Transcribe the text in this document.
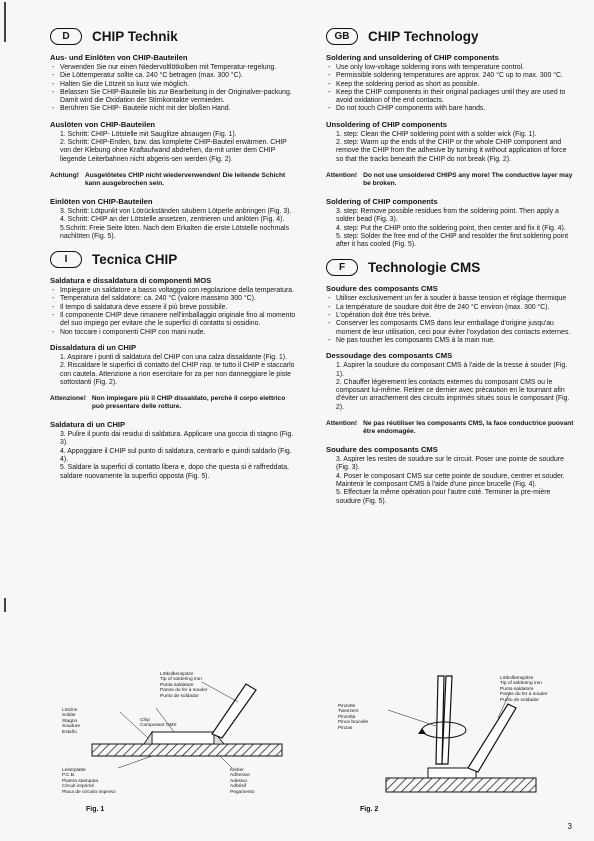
D	CHIP Technik
Aus- und Einlöten von CHIP-Bauteilen
- Verwenden Sie nur einen Niedervoltlötkolben mit Temperatur-regelung.
- Die Löttemperatur sollte ca. 240 °C betragen (max. 300 °C).
- Halten Sie die Lötzeit so kurz wie möglich.
- Belassen Sie CHIP-Bauteile bis zur Bearbeitung in der Originalver-packung. Damit wird die Oxidation der Stirnkontakte vermieden.
- Berühren Sie CHIP- Bauteile nicht mit der bloßen Hand.
Auslöten von CHIP-Bauteilen
1. Schritt: CHIP- Lötstelle mit Sauglitze absaugen (Fig. 1).
2. Schritt: CHIP-Enden, bzw. das komplette CHIP-Bauteil erwärmen. CHIP von der Klebung ohne Kraftaufwand abdrehen, da-mit unter dem CHIP liegende Leiterbahnen nicht abgeris-sen werden (Fig. 2).
Achtung! Ausgelötetes CHIP nicht wiederverwenden! Die leitende Schicht kann ausgebrochen sein.
Einlöten von CHIP-Bauteilen
3. Schritt: Lötpunkt von Lötrückständen säubern Lötperle anbringen (Fig. 3).
4. Schritt: CHIP an der Lötstelle ansetzen, zentrieren und anlöten (Fig. 4).
5.Schritt: Freie Seite löten. Nach dem Erkalten die erste Lötstelle nochmals nachlöten (Fig. 5).
I	Tecnica CHIP
Saldatura e dissaldatura di componenti MOS
- Impiegare un saldatore a basso voltaggio con regolazione della temperatura.
- Temperatura del saldatore: ca. 240 °C (valore massimo 300 °C).
- Il tempo di saldatura deve essere il più breve possibile.
- Il componente CHIP deve rimanere nell'imballaggio originale fino al momento del suo impiego per evitare che le superfici di contatto si ossidino.
- Non toccare i componenti CHIP con mani nude.
Dissaldatura di un CHIP
1. Aspirare i punti di saldatura del CHIP con una calza dissaldante (Fig. 1).
2. Riscaldare le superfici di contatto del CHIP risp. te tutto il CHIP e staccarlo con cautela. Attenzione a non esercitare for za per non danneggiare le piste sottostanti (Fig. 2).
Attenzione! Non impiegare più il CHIP dissaldato, perchè il corpo elettrico può presentare delle rotture.
Saldatura di un CHIP
3. Pulire il punto dai residui di saldatura. Applicare una goccia di stagno (Fig. 3).
4. Appoggiare il CHIP sul punto di saldatura, centrarlo e quindi saldarlo (Fig. 4).
5. Saldare la superfici di contatto libera e, dopo che questa si è raffreddata, saldare nuovamente la superfici opposta (Fig. 5).
GB	CHIP Technology
Soldering and unsoldering of CHIP components
- Use only low-voltage soldering irons with temperature control.
- Permissible soldering temperatures are approx. 240 °C up to max. 300 °C.
- Keep the soldering period as short as possible.
- Keep the CHIP components in their original packages until they are used to avoid oxidation of the end contacts.
- Do not touch CHIP components with bare hands.
Unsoldering of CHIP components
1. step: Clean the CHIP soldering point with a solder wick (Fig. 1).
2. step: Warm up the ends of the CHIP or the whole CHIP component and remove the CHIP from the adhesive by turning it without application of force so that the tracks beneath the CHIP do not break (Fig. 2).
Attention! Do not use unsoldered CHIPS any more! The conductive layer may be broken.
Soldering of CHIP components
3. step: Remove possible residues from the soldering point. Then apply a solder bead (Fig. 3).
4. step: Put the CHIP onto the soldering point, then center and fix it (Fig. 4).
5. step: Solder the free end of the CHIP and resolder the first soldering point after it has cooled (Fig. 5).
F	Technologie CMS
Soudure des composants CMS
- Utiliser exclusivement un fer à souder à basse tension et réglage thermique
- La température de soudure doit être de 240 °C environ (max. 300 °C).
- L'opération doit être très brève.
- Conserver les composants CMS dans leur emballage d'origine jusqu'au moment de leur utilisation, ceci pour éviter l'oxydation des contacts externes.
- Ne pas toucher les composants CMS à la main nue.
Dessoudage des composants CMS
1. Aspirer la soudure du composant CMS à l'aide de la tresse à souder (Fig. 1).
2. Chauffer légèrement les contacts externes du composant CMS ou le composant lui-même. Retirer ce dernier avec précaution en le tournant afin d'éviter un arrachement des circuits imprimés situés sous le composant (Fig. 2).
Attention! Ne pas réutiliser les composants CMS, la face conductrice puovant être endomagée.
Soudure des composants CMS
3. Aspirer les restes de soudure sur le circuit. Poser une pointe de soudure (Fig. 3).
4. Poser le composant CMS sur cette pointe de soudure, centrer et souder. Maintenir le composant CMS à l'aide d'une pince brucelle (Fig. 4).
5. Effectuer la même opération pour l'autre coté. Terminer la pre-mière soudure (Fig. 5).
Lötkolbenspitze
Tip of soldering iron
Punta saldatore
Panne du fer à souder
Punto de soldador
Lötzinn
Solder
Stagno
Soudure
Estaño
Chip
Composant CMS
Leiterplatte
P.C.B.
Piastra stampata
Circuit imprimé
Placa de circuito impreso
Kleber
Adhesive
Adesivo
Adhésif
Pegamento
Fig. 1
Lötkolbenspitze
Tip of soldering iron
Punta saldatore
Panne du fer à souder
Punto de soldador
Pinzette
Tweezers
Pinzetta
Pince brucelle
Pinzas
Fig. 2
3
